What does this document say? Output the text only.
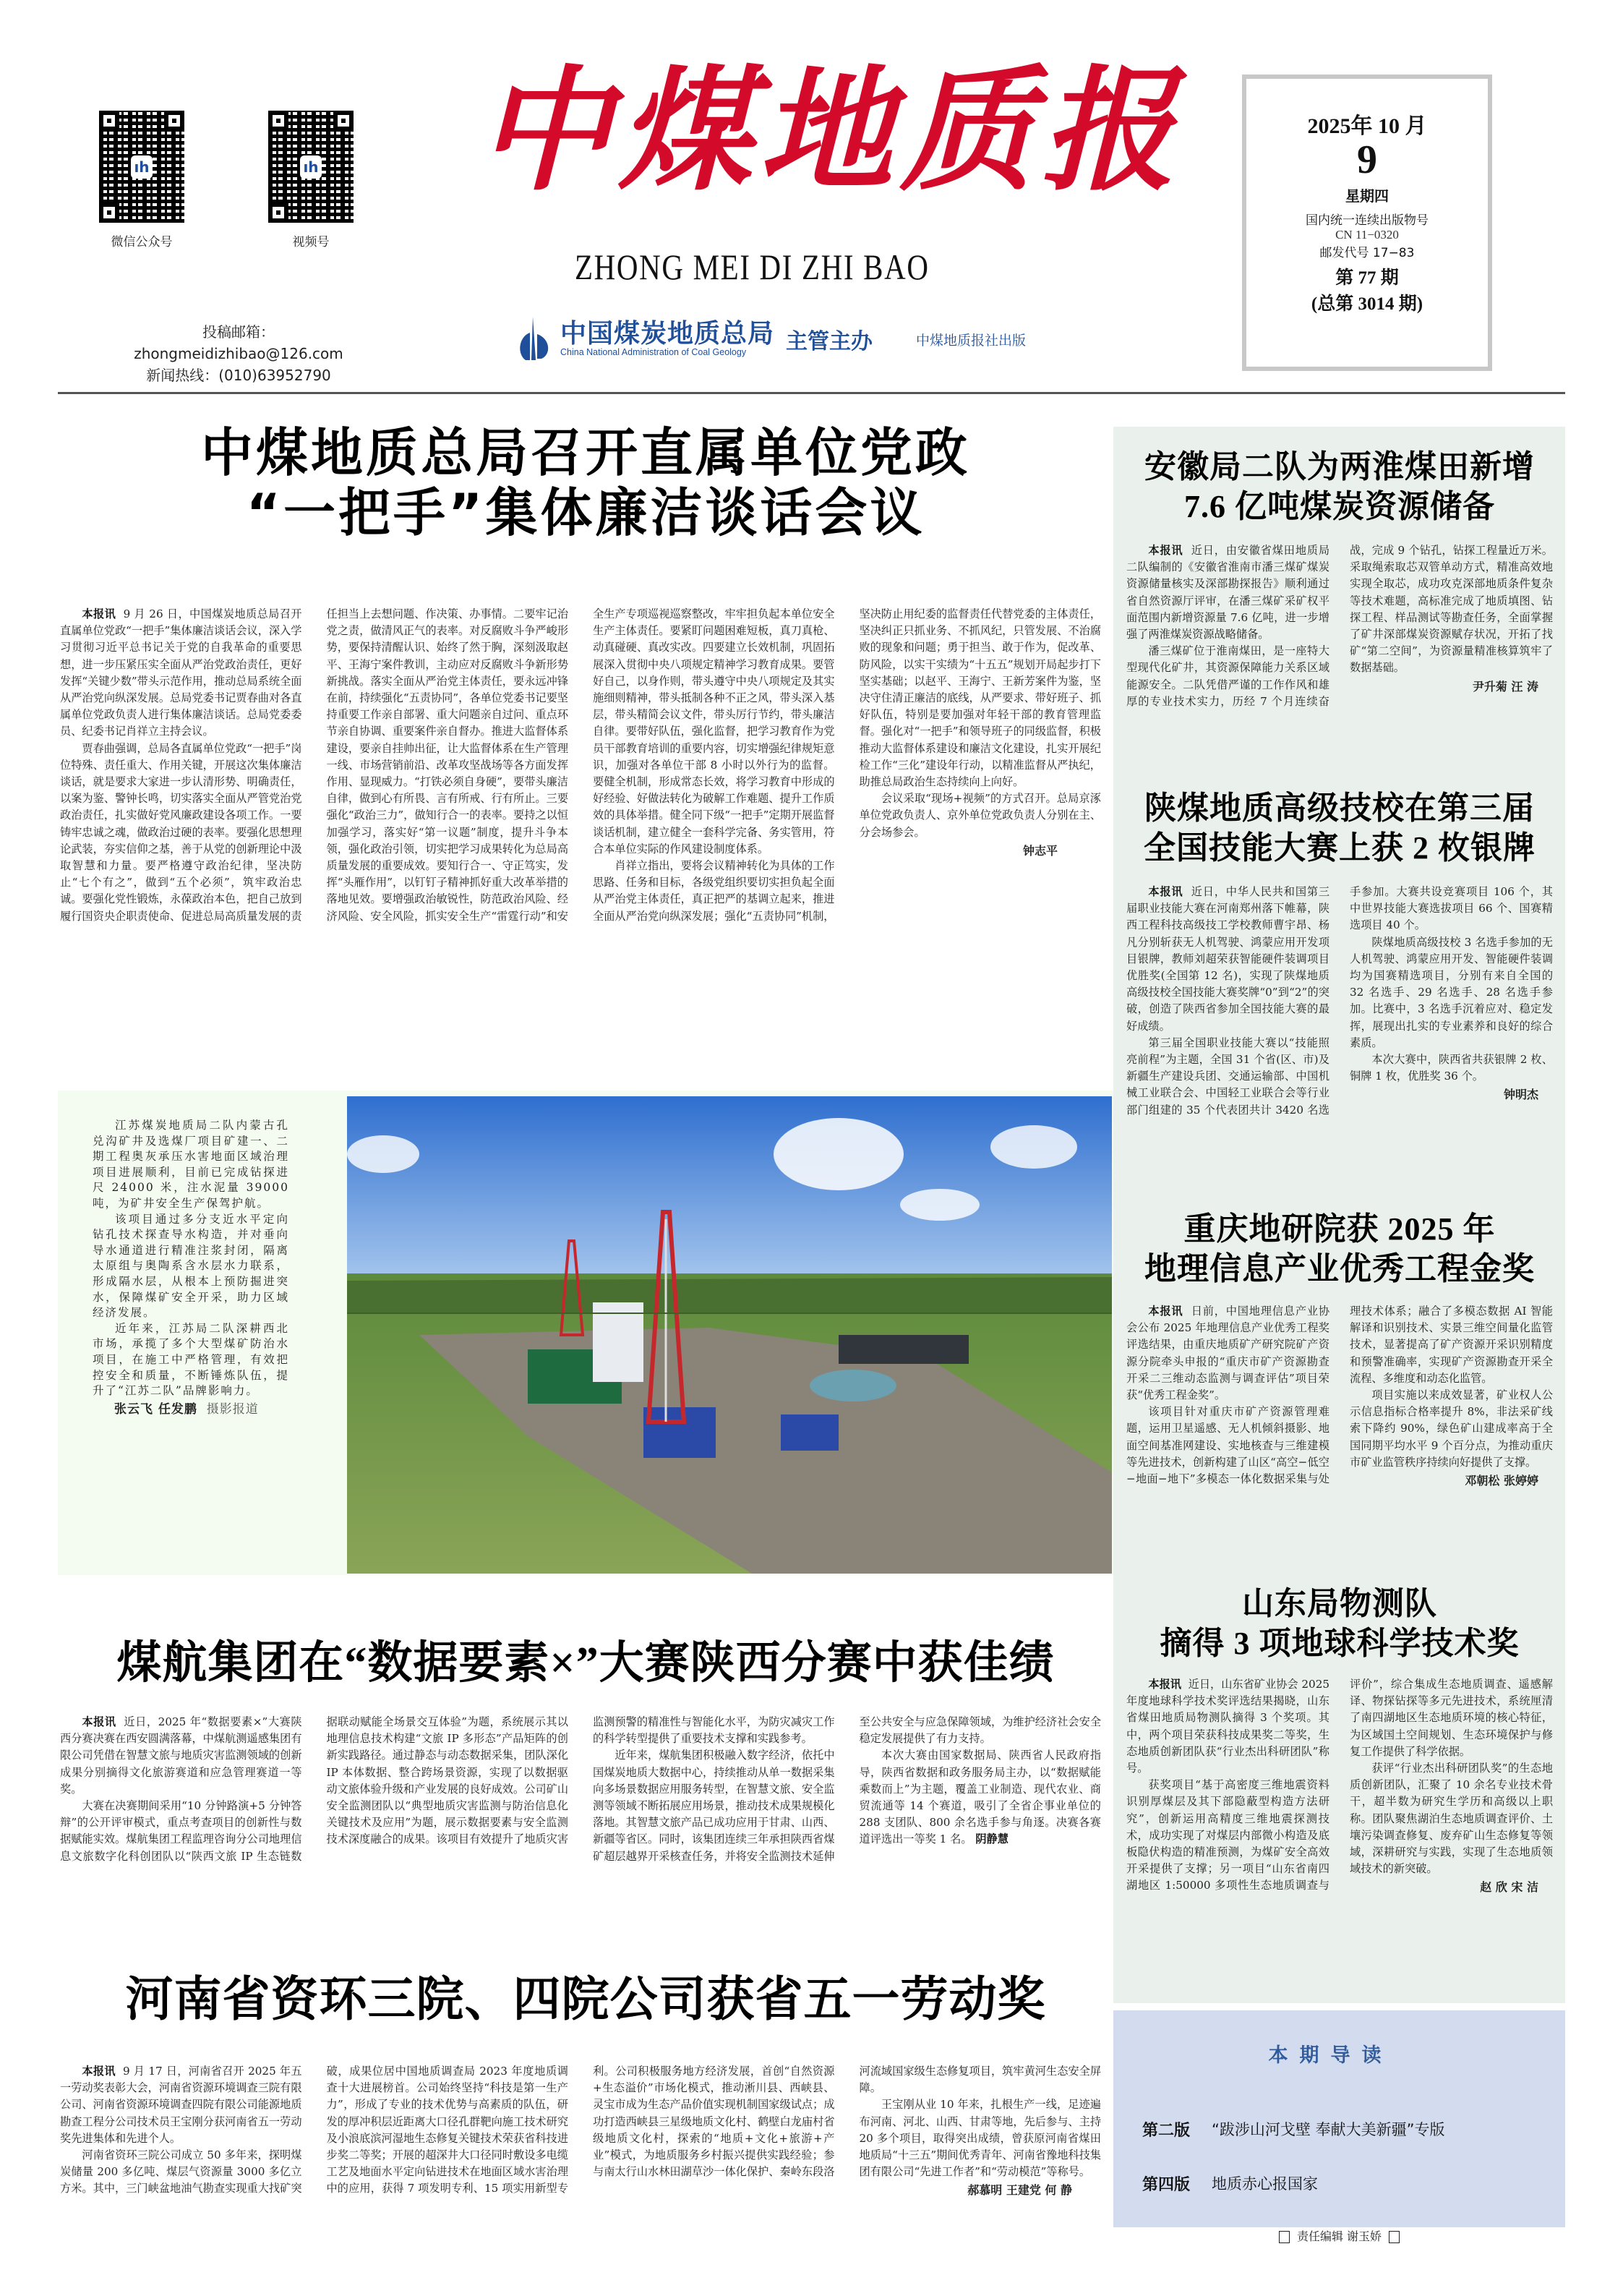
ıh
微信公众号
ıh
视频号
投稿邮箱：zhongmeidizhibao@126.com
新闻热线：(010)63952790
中煤地质报
ZHONG MEI DI ZHI BAO
中国煤炭地质总局
China National Administration of Coal Geology	主管主办	中煤地质报社出版
2025年 10 月
9
星期四
国内统一连续出版物号
CN 11−0320
邮发代号 17−83
第 77 期
(总第 3014 期)
中煤地质总局召开直属单位党政
“一把手”集体廉洁谈话会议

本报讯 9 月 26 日，中国煤炭地质总局召开直属单位党政“一把手”集体廉洁谈话会议，深入学习贯彻习近平总书记关于党的自我革命的重要思想，进一步压紧压实全面从严治党政治责任，更好发挥“关键少数”带头示范作用，推动总局系统全面从严治党向纵深发展。总局党委书记贾春曲对各直属单位党政负责人进行集体廉洁谈话。总局党委委员、纪委书记肖祥立主持会议。

贾春曲强调，总局各直属单位党政“一把手”岗位特殊、责任重大、作用关键，开展这次集体廉洁谈话，就是要求大家进一步认清形势、明确责任，以案为鉴、警钟长鸣，切实落实全面从严管党治党政治责任，扎实做好党风廉政建设各项工作。一要铸牢忠诚之魂，做政治过硬的表率。要强化思想理论武装，夯实信仰之基，善于从党的创新理论中汲取智慧和力量。要严格遵守政治纪律，坚决防止“七个有之”，做到“五个必须”，筑牢政治忠诚。要强化党性锻炼，永葆政治本色，把自己放到履行国资央企职责使命、促进总局高质量发展的责任担当上去想问题、作决策、办事情。二要牢记治党之责，做清风正气的表率。对反腐败斗争严峻形势，要保持清醒认识、始终了然于胸，深刻汲取赵平、王海宁案件教训，主动应对反腐败斗争新形势新挑战。落实全面从严治党主体责任，要永远冲锋在前，持续强化“五责协同”，各单位党委书记要坚持重要工作亲自部署、重大问题亲自过问、重点环节亲自协调、重要案件亲自督办。推进大监督体系建设，要亲自挂帅出征，让大监督体系在生产管理一线、市场营销前沿、改革攻坚战场等各方面发挥作用、显现威力。“打铁必须自身硬”，要带头廉洁自律，做到心有所畏、言有所戒、行有所止。三要强化“政治三力”，做知行合一的表率。要持之以恒加强学习，落实好“第一议题”制度，提升斗争本领，强化政治引领，切实把学习成果转化为总局高质量发展的重要成效。要知行合一、守正笃实，发挥“头雁作用”，以钉钉子精神抓好重大改革举措的落地见效。要增强政治敏锐性，防范政治风险、经济风险、安全风险，抓实安全生产“雷霆行动”和安全生产专项巡视巡察整改，牢牢担负起本单位安全生产主体责任。要紧盯问题困难短板，真刀真枪、动真碰硬、真改实改。四要建立长效机制，巩固拓展深入贯彻中央八项规定精神学习教育成果。要管好自己，以身作则，带头遵守中央八项规定及其实施细则精神，带头抵制各种不正之风，带头深入基层，带头精简会议文件，带头厉行节约，带头廉洁自律。要带好队伍，强化监督，把学习教育作为党员干部教育培训的重要内容，切实增强纪律规矩意识，加强对各单位干部 8 小时以外行为的监督。要健全机制，形成常态长效，将学习教育中形成的好经验、好做法转化为破解工作难题、提升工作质效的具体举措。健全同下级“一把手”定期开展监督谈话机制，建立健全一套科学完备、务实管用，符合本单位实际的作风建设制度体系。

肖祥立指出，要将会议精神转化为具体的工作思路、任务和目标，各级党组织要切实担负起全面从严治党主体责任，真正把严的基调立起来，推进全面从严治党向纵深发展；强化“五责协同”机制，坚决防止用纪委的监督责任代替党委的主体责任，坚决纠正只抓业务、不抓风纪，只管发展、不治腐败的现象和问题；勇于担当、敢于作为，促改革、防风险，以实干实绩为“十五五”规划开局起步打下坚实基础；以赵平、王海宁、王新芳案件为鉴，坚决守住清正廉洁的底线，从严要求、带好班子、抓好队伍，特别是要加强对年轻干部的教育管理监督。强化对“一把手”和领导班子的同级监督，积极推动大监督体系建设和廉洁文化建设，扎实开展纪检工作“三化”建设年行动，以精准监督从严执纪，助推总局政治生态持续向上向好。

会议采取“现场+视频”的方式召开。总局京涿单位党政负责人、京外单位党政负责人分别在主、分会场参会。

钟志平

江苏煤炭地质局二队内蒙古孔兑沟矿井及选煤厂项目矿建一、二期工程奥灰承压水害地面区域治理项目进展顺利，目前已完成钻探进尺 24000 米，注水泥量 39000 吨，为矿井安全生产保驾护航。

该项目通过多分支近水平定向钻孔技术探查导水构造，并对垂向导水通道进行精准注浆封闭，隔离太原组与奥陶系含水层水力联系，形成隔水层，从根本上预防掘进突水，保障煤矿安全开采，助力区域经济发展。

近年来，江苏局二队深耕西北市场，承揽了多个大型煤矿防治水项目，在施工中严格管理，有效把控安全和质量，不断锤炼队伍，提升了“江苏二队”品牌影响力。

张云飞 任发鹏 摄影报道
煤航集团在“数据要素×”大赛陕西分赛中获佳绩

本报讯 近日，2025 年“数据要素×”大赛陕西分赛决赛在西安圆满落幕，中煤航测遥感集团有限公司凭借在智慧文旅与地质灾害监测领域的创新成果分别摘得文化旅游赛道和应急管理赛道一等奖。

大赛在决赛期间采用“10 分钟路演+5 分钟答辩”的公开评审模式，重点考查项目的创新性与数据赋能实效。煤航集团工程监理咨询分公司地理信息文旅数字化科创团队以“陕西文旅 IP 生态链数据联动赋能全场景交互体验”为题，系统展示其以地理信息技术构建“文旅 IP 多形态”产品矩阵的创新实践路径。通过静态与动态数据采集，团队深化 IP 本体数据、整合跨场景资源，实现了以数据驱动文旅体验升级和产业发展的良好成效。公司矿山安全监测团队以“典型地质灾害监测与防治信息化关键技术及应用”为题，展示数据要素与安全监测技术深度融合的成果。该项目有效提升了地质灾害监测预警的精准性与智能化水平，为防灾减灾工作的科学转型提供了重要技术支撑和实践参考。

近年来，煤航集团积极融入数字经济，依托中国煤炭地质大数据中心，持续推动从单一数据采集向多场景数据应用服务转型，在智慧文旅、安全监测等领域不断拓展应用场景，推动技术成果规模化落地。其智慧文旅产品已成功应用于甘肃、山西、新疆等省区。同时，该集团连续三年承担陕西省煤矿超层越界开采核查任务，并将安全监测技术延伸至公共安全与应急保障领域，为维护经济社会安全稳定发展提供了有力支持。

本次大赛由国家数据局、陕西省人民政府指导，陕西省数据和政务服务局主办，以“数据赋能 乘数而上”为主题，覆盖工业制造、现代农业、商贸流通等 14 个赛道，吸引了全省企事业单位的 288 支团队、800 余名选手参与角逐。决赛各赛道评选出一等奖 1 名。 阴静慧

河南省资环三院、四院公司获省五一劳动奖

本报讯 9 月 17 日，河南省召开 2025 年五一劳动奖表彰大会，河南省资源环境调查三院有限公司、河南省资源环境调查四院有限公司能源地质勘查工程分公司技术员王宝刚分获河南省五一劳动奖先进集体和先进个人。

河南省资环三院公司成立 50 多年来，探明煤炭储量 200 多亿吨、煤层气资源量 3000 多亿立方米。其中，三门峡盆地油气勘查实现重大找矿突破，成果位居中国地质调查局 2023 年度地质调查十大进展榜首。公司始终坚持“科技是第一生产力”，形成了专业的技术优势与高素质的队伍，研发的厚冲积层近距离大口径孔群靶向施工技术研究及小浪底滨河湿地生态修复关键技术荣获省科技进步奖二等奖；开展的超深井大口径同时敷设多电缆工艺及地面水平定向钻进技术在地面区域水害治理中的应用，获得 7 项发明专利、15 项实用新型专利。公司积极服务地方经济发展，首创“自然资源+生态溢价”市场化模式，推动淅川县、西峡县、灵宝市成为生态产品价值实现机制国家级试点；成功打造西峡县三星级地质文化村、鹤壁白龙庙村省级地质文化村，探索的“地质+文化+旅游+产业”模式，为地质服务乡村振兴提供实践经验；参与南太行山水林田湖草沙一体化保护、秦岭东段洛河流域国家级生态修复项目，筑牢黄河生态安全屏障。

王宝刚从业 10 年来，扎根生产一线，足迹遍布河南、河北、山西、甘肃等地，先后参与、主持 20 多个项目，取得突出成绩，曾获原河南省煤田地质局“十三五”期间优秀青年、河南省豫地科技集团有限公司“先进工作者”和“劳动模范”等称号。

郝慕明 王建党 何 静
安徽局二队为两淮煤田新增
7.6 亿吨煤炭资源储备

本报讯 近日，由安徽省煤田地质局二队编制的《安徽省淮南市潘三煤矿煤炭资源储量核实及深部勘探报告》顺利通过省自然资源厅评审，在潘三煤矿采矿权平面范围内新增资源量 7.6 亿吨，进一步增强了两淮煤炭资源战略储备。

潘三煤矿位于淮南煤田，是一座特大型现代化矿井，其资源保障能力关系区域能源安全。二队凭借严谨的工作作风和雄厚的专业技术实力，历经 7 个月连续奋战，完成 9 个钻孔，钻探工程量近万米。采取绳索取芯双管单动方式，精准高效地实现全取芯，成功攻克深部地质条件复杂等技术难题，高标准完成了地质填图、钻探工程、样品测试等勘查任务，全面掌握了矿井深部煤炭资源赋存状况，开拓了找矿“第二空间”，为资源量精准核算筑牢了数据基础。

尹升菊 汪 涛
陕煤地质高级技校在第三届
全国技能大赛上获 2 枚银牌

本报讯 近日，中华人民共和国第三届职业技能大赛在河南郑州落下帷幕，陕西工程科技高级技工学校教师曹宇昂、杨凡分别斩获无人机驾驶、鸿蒙应用开发项目银牌，教师刘超荣获智能硬件装调项目优胜奖(全国第 12 名)，实现了陕煤地质高级技校全国技能大赛奖牌“0”到“2”的突破，创造了陕西省参加全国技能大赛的最好成绩。

第三届全国职业技能大赛以“技能照亮前程”为主题，全国 31 个省(区、市)及新疆生产建设兵团、交通运输部、中国机械工业联合会、中国轻工业联合会等行业部门组建的 35 个代表团共计 3420 名选手参加。大赛共设竞赛项目 106 个，其中世界技能大赛选拔项目 66 个、国赛精选项目 40 个。

陕煤地质高级技校 3 名选手参加的无人机驾驶、鸿蒙应用开发、智能硬件装调均为国赛精选项目，分别有来自全国的 32 名选手、29 名选手、28 名选手参加。比赛中，3 名选手沉着应对、稳定发挥，展现出扎实的专业素养和良好的综合素质。

本次大赛中，陕西省共获银牌 2 枚、铜牌 1 枚，优胜奖 36 个。

钟明杰
重庆地研院获 2025 年
地理信息产业优秀工程金奖

本报讯 日前，中国地理信息产业协会公布 2025 年地理信息产业优秀工程奖评选结果，由重庆地质矿产研究院矿产资源分院牵头申报的“重庆市矿产资源勘查开采二三维动态监测与调查评估”项目荣获“优秀工程金奖”。

该项目针对重庆市矿产资源管理难题，运用卫星遥感、无人机倾斜摄影、地面空间基准网建设、实地核查与三维建模等先进技术，创新构建了山区“高空−低空−地面−地下”多模态一体化数据采集与处理技术体系；融合了多模态数据 AI 智能解译和识别技术、实景三维空间量化监管技术，显著提高了矿产资源开采识别精度和预警准确率，实现矿产资源勘查开采全流程、多维度和动态化监管。

项目实施以来成效显著，矿业权人公示信息指标合格率提升 8%，非法采矿线索下降约 90%，绿色矿山建成率高于全国同期平均水平 9 个百分点，为推动重庆市矿业监管秩序持续向好提供了支撑。

邓朝松 张婷婷
山东局物测队
摘得 3 项地球科学技术奖

本报讯 近日，山东省矿业协会 2025 年度地球科学技术奖评选结果揭晓，山东省煤田地质局物测队摘得 3 个奖项。其中，两个项目荣获科技成果奖二等奖，生态地质创新团队获“行业杰出科研团队”称号。

获奖项目“基于高密度三维地震资料识别厚煤层及其下部隐蔽型构造方法研究”，创新运用高精度三维地震探测技术，成功实现了对煤层内部微小构造及底板隐伏构造的精准预测，为煤矿安全高效开采提供了支撑；另一项目“山东省南四湖地区 1:50000 多项性生态地质调查与评价”，综合集成生态地质调查、遥感解译、物探钻探等多元先进技术，系统厘清了南四湖地区生态地质环境的核心特征，为区域国土空间规划、生态环境保护与修复工作提供了科学依据。

获评“行业杰出科研团队奖”的生态地质创新团队，汇聚了 10 余名专业技术骨干，超半数为研究生学历和高级以上职称。团队聚焦湖泊生态地质调查评价、土壤污染调查修复、废弃矿山生态修复等领域，深耕研究与实践，实现了生态地质领域技术的新突破。

赵 欣 宋 洁
本期导读
第二版 “跋涉山河戈壁 奉献大美新疆”专版
第四版 地质赤心报国家
责任编辑 谢玉娇
